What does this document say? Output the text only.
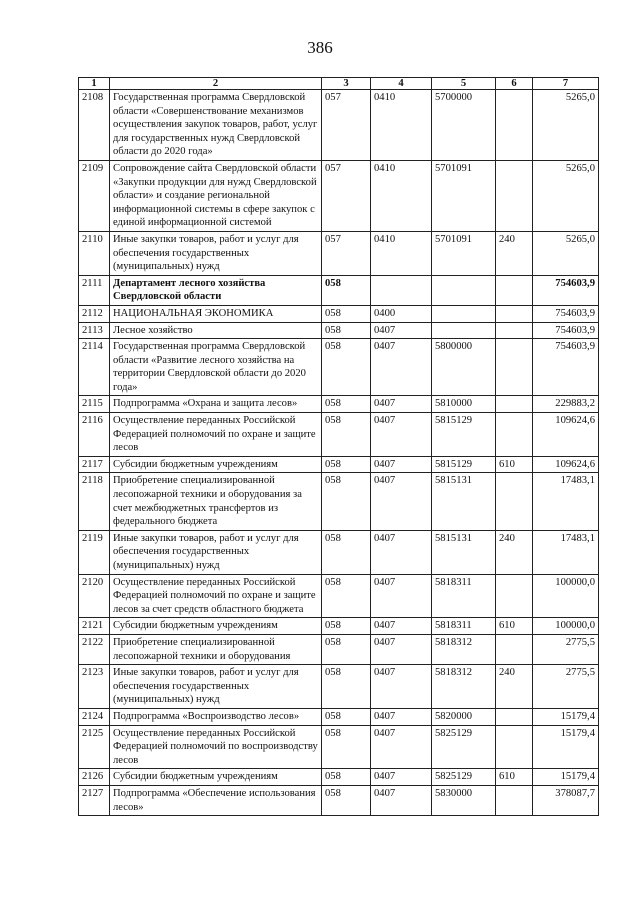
386
1	2	3	4	5	6	7
2108	Государственная программа Свердловской области «Совершенствование механизмов осуществления закупок товаров, работ, услуг для государственных нужд Свердловской области до 2020 года»	057	0410	5700000		5265,0
2109	Сопровождение сайта Свердловской области «Закупки продукции для нужд Свердловской области» и создание региональной информационной системы в сфере закупок с единой информационной системой	057	0410	5701091		5265,0
2110	Иные закупки товаров, работ и услуг для обеспечения государственных (муниципальных) нужд	057	0410	5701091	240	5265,0
2111	Департамент лесного хозяйства Свердловской области	058				754603,9
2112	НАЦИОНАЛЬНАЯ ЭКОНОМИКА	058	0400			754603,9
2113	Лесное хозяйство	058	0407			754603,9
2114	Государственная программа Свердловской области «Развитие лесного хозяйства на территории Свердловской области до 2020 года»	058	0407	5800000		754603,9
2115	Подпрограмма «Охрана и защита лесов»	058	0407	5810000		229883,2
2116	Осуществление переданных Российской Федерацией полномочий по охране и защите лесов	058	0407	5815129		109624,6
2117	Субсидии бюджетным учреждениям	058	0407	5815129	610	109624,6
2118	Приобретение специализированной лесопожарной техники и оборудования за счет межбюджетных трансфертов из федерального бюджета	058	0407	5815131		17483,1
2119	Иные закупки товаров, работ и услуг для обеспечения государственных (муниципальных) нужд	058	0407	5815131	240	17483,1
2120	Осуществление переданных Российской Федерацией полномочий по охране и защите лесов за счет средств областного бюджета	058	0407	5818311		100000,0
2121	Субсидии бюджетным учреждениям	058	0407	5818311	610	100000,0
2122	Приобретение специализированной лесопожарной техники и оборудования	058	0407	5818312		2775,5
2123	Иные закупки товаров, работ и услуг для обеспечения государственных (муниципальных) нужд	058	0407	5818312	240	2775,5
2124	Подпрограмма «Воспроизводство лесов»	058	0407	5820000		15179,4
2125	Осуществление переданных Российской Федерацией полномочий по воспроизводству лесов	058	0407	5825129		15179,4
2126	Субсидии бюджетным учреждениям	058	0407	5825129	610	15179,4
2127	Подпрограмма «Обеспечение использования лесов»	058	0407	5830000		378087,7
